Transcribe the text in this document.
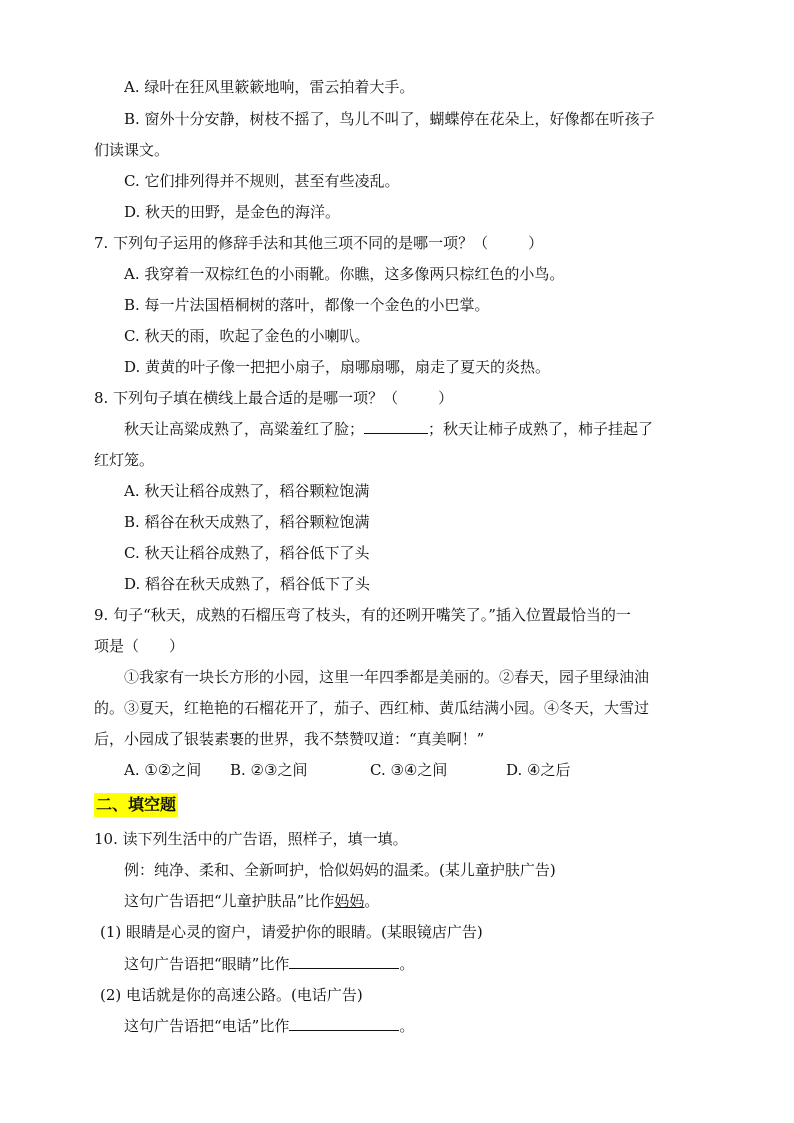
A. 绿叶在狂风里簌簌地响，雷云拍着大手。
B. 窗外十分安静，树枝不摇了，鸟儿不叫了，蝴蝶停在花朵上，好像都在听孩子
们读课文。
C. 它们排列得并不规则，甚至有些凌乱。
D. 秋天的田野，是金色的海洋。
7. 下列句子运用的修辞手法和其他三项不同的是哪一项？（	）
A. 我穿着一双棕红色的小雨靴。你瞧，这多像两只棕红色的小鸟。
B. 每一片法国梧桐树的落叶，都像一个金色的小巴掌。
C. 秋天的雨，吹起了金色的小喇叭。
D. 黄黄的叶子像一把把小扇子，扇哪扇哪，扇走了夏天的炎热。
8. 下列句子填在横线上最合适的是哪一项？（	）
秋天让高粱成熟了，高粱羞红了脸；	；秋天让柿子成熟了，柿子挂起了
红灯笼。
A. 秋天让稻谷成熟了，稻谷颗粒饱满
B. 稻谷在秋天成熟了，稻谷颗粒饱满
C. 秋天让稻谷成熟了，稻谷低下了头
D. 稻谷在秋天成熟了，稻谷低下了头
9. 句子“秋天，成熟的石榴压弯了枝头，有的还咧开嘴笑了。”插入位置最恰当的一
项是（　　）
①我家有一块长方形的小园，这里一年四季都是美丽的。②春天，园子里绿油油
的。③夏天，红艳艳的石榴花开了，茄子、西红柿、黄瓜结满小园。④冬天，大雪过
后，小园成了银装素裹的世界，我不禁赞叹道：“真美啊！”
A. ①②之间 B. ②③之间	C. ③④之间	D. ④之后
二、填空题
10. 读下列生活中的广告语，照样子，填一填。
例：纯净、柔和、全新呵护，恰似妈妈的温柔。(某儿童护肤广告)
这句广告语把“儿童护肤品”比作妈妈。
(1) 眼睛是心灵的窗户，请爱护你的眼睛。(某眼镜店广告)
这句广告语把“眼睛”比作	。
(2) 电话就是你的高速公路。(电话广告)
这句广告语把“电话”比作	。
